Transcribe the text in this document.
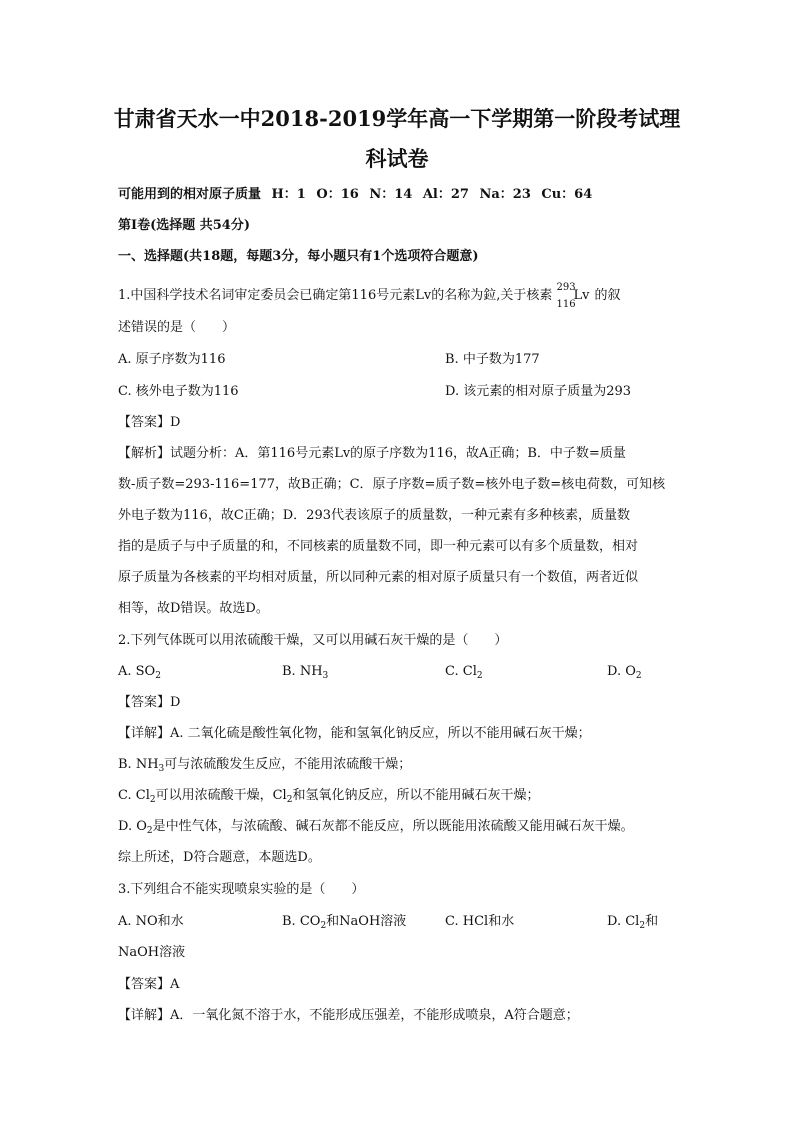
甘肃省天水一中2018-2019学年高一下学期第一阶段考试理
科试卷
可能用到的相对原子质量 H：1 O：16 N：14 Al：27 Na：23 Cu：64
第Ⅰ卷(选择题 共54分)
一、选择题(共18题，每题3分，每小题只有1个选项符合题意)
1.中国科学技术名词审定委员会已确定第116号元素Lv的名称为鉝,关于核素
293
116
Lv 的叙
述错误的是（　　）
A. 原子序数为116	B. 中子数为177
C. 核外电子数为116	D. 该元素的相对原子质量为293
【答案】D
【解析】试题分析：A．第116号元素Lv的原子序数为116，故A正确；B．中子数=质量
数-质子数=293-116=177，故B正确；C．原子序数=质子数=核外电子数=核电荷数，可知核
外电子数为116，故C正确；D．293代表该原子的质量数，一种元素有多种核素，质量数
指的是质子与中子质量的和，不同核素的质量数不同，即一种元素可以有多个质量数，相对
原子质量为各核素的平均相对质量，所以同种元素的相对原子质量只有一个数值，两者近似
相等，故D错误。故选D。
2.下列气体既可以用浓硫酸干燥，又可以用碱石灰干燥的是（　　）
A. $SO_2$	B. $NH_3$	C. $Cl_2$	D. $O_2$
【答案】D
【详解】A. 二氧化硫是酸性氧化物，能和氢氧化钠反应，所以不能用碱石灰干燥；
B. $NH_3$可与浓硫酸发生反应，不能用浓硫酸干燥；
C. $Cl_2$可以用浓硫酸干燥，$Cl_2$和氢氧化钠反应，所以不能用碱石灰干燥；
D. $O_2$是中性气体，与浓硫酸、碱石灰都不能反应，所以既能用浓硫酸又能用碱石灰干燥。
综上所述，D符合题意，本题选D。
3.下列组合不能实现喷泉实验的是（　　）
A. NO和水	B. $CO_2$和NaOH溶液	C. HCl和水	D. $Cl_2$和
NaOH溶液
【答案】A
【详解】A．一氧化氮不溶于水，不能形成压强差，不能形成喷泉，A符合题意；
